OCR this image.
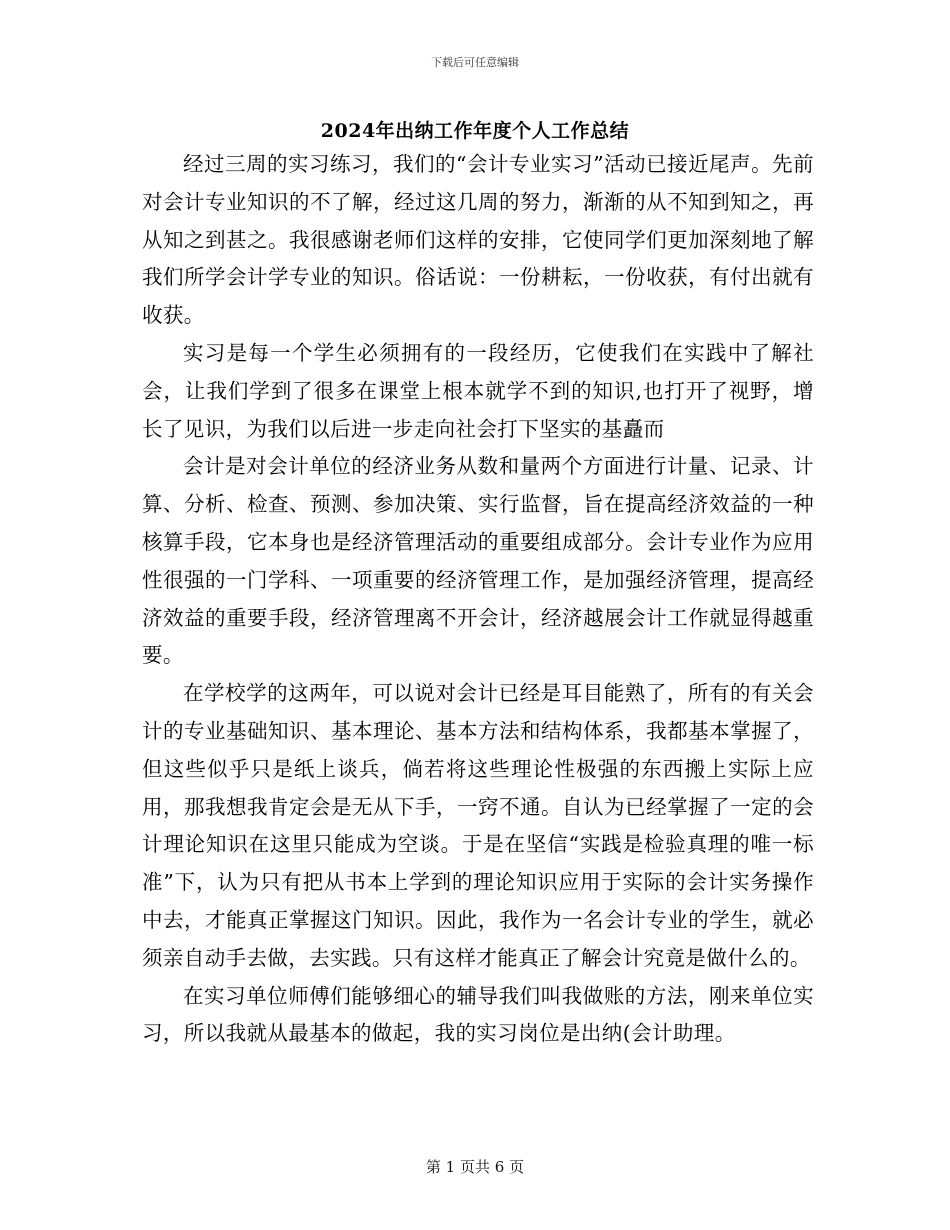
下载后可任意编辑
2024年出纳工作年度个人工作总结

经过三周的实习练习，我们的“会计专业实习”活动已接近尾声。先前对会计专业知识的不了解，经过这几周的努力，渐渐的从不知到知之，再从知之到甚之。我很感谢老师们这样的安排，它使同学们更加深刻地了解我们所学会计学专业的知识。俗话说：一份耕耘，一份收获，有付出就有收获。

实习是每一个学生必须拥有的一段经历，它使我们在实践中了解社会，让我们学到了很多在课堂上根本就学不到的知识,也打开了视野，增长了见识，为我们以后进一步走向社会打下坚实的基矗而

会计是对会计单位的经济业务从数和量两个方面进行计量、记录、计算、分析、检查、预测、参加决策、实行监督，旨在提高经济效益的一种核算手段，它本身也是经济管理活动的重要组成部分。会计专业作为应用性很强的一门学科、一项重要的经济管理工作，是加强经济管理，提高经济效益的重要手段，经济管理离不开会计，经济越展会计工作就显得越重要。

在学校学的这两年，可以说对会计已经是耳目能熟了，所有的有关会计的专业基础知识、基本理论、基本方法和结构体系，我都基本掌握了，但这些似乎只是纸上谈兵，倘若将这些理论性极强的东西搬上实际上应用，那我想我肯定会是无从下手，一窍不通。自认为已经掌握了一定的会计理论知识在这里只能成为空谈。于是在坚信“实践是检验真理的唯一标准”下，认为只有把从书本上学到的理论知识应用于实际的会计实务操作中去，才能真正掌握这门知识。因此，我作为一名会计专业的学生，就必须亲自动手去做，去实践。只有这样才能真正了解会计究竟是做什么的。

在实习单位师傅们能够细心的辅导我们叫我做账的方法，刚来单位实习，所以我就从最基本的做起，我的实习岗位是出纳(会计助理。

第 1 页共 6 页
